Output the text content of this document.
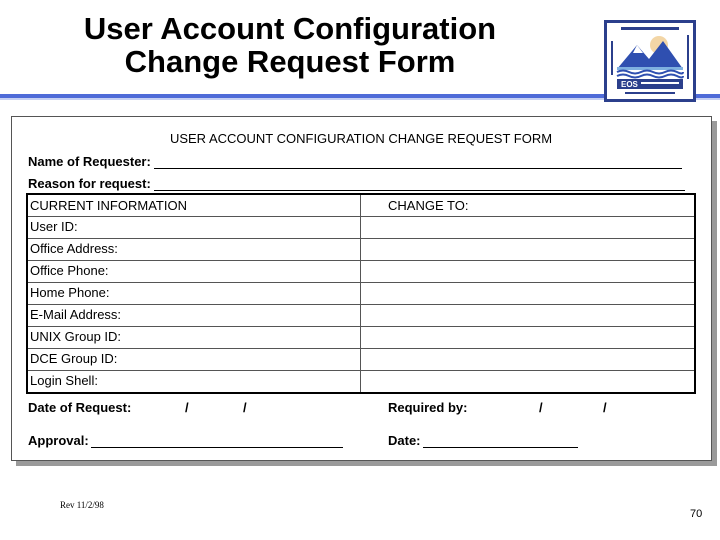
User Account Configuration
Change Request Form
EOS
USER ACCOUNT CONFIGURATION CHANGE REQUEST FORM
Name of Requester:
Reason for request:
CURRENT INFORMATION	CHANGE TO:
User ID:
Office Address:
Office Phone:
Home Phone:
E-Mail Address:
UNIX Group ID:
DCE Group ID:
Login Shell:
Date of Request:	/	/	Required by:	/	/
Approval:	Date:
Rev 11/2/98
70
